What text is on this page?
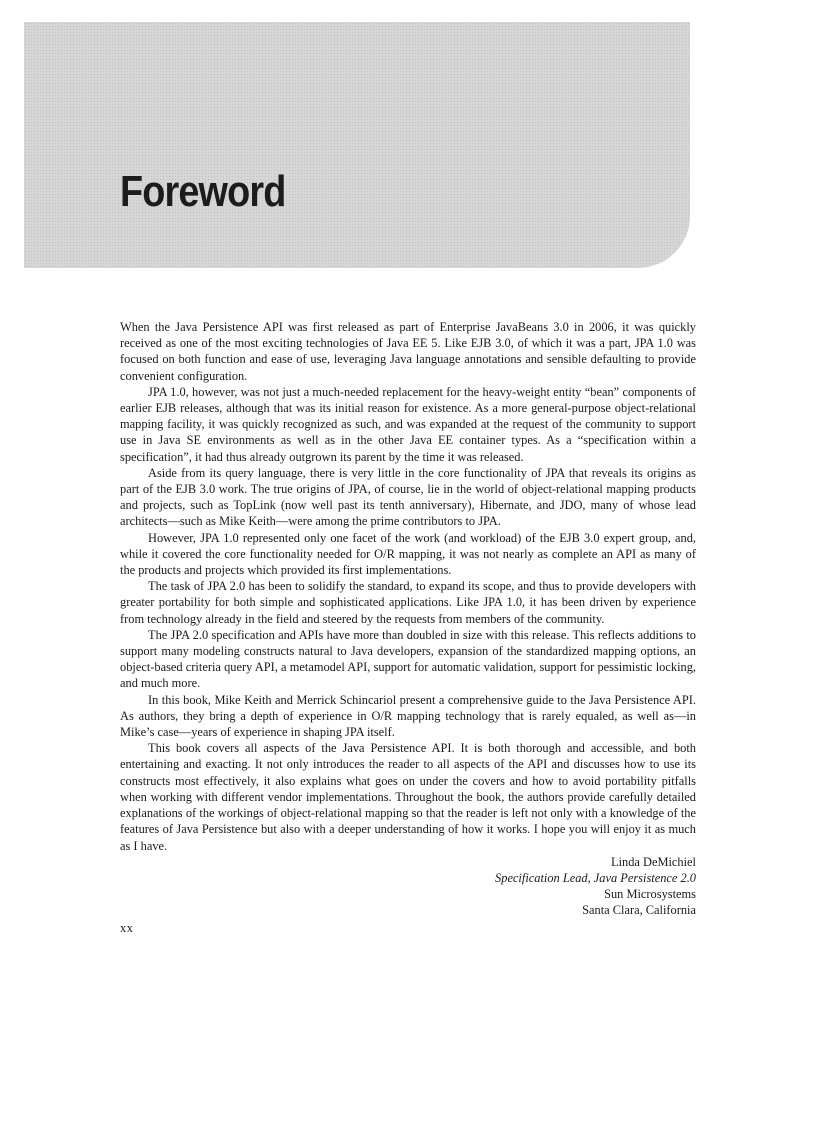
Foreword

When the Java Persistence API was first released as part of Enterprise JavaBeans 3.0 in 2006, it was quickly received as one of the most exciting technologies of Java EE 5. Like EJB 3.0, of which it was a part, JPA 1.0 was focused on both function and ease of use, leveraging Java language annotations and sensible defaulting to provide convenient configuration.

JPA 1.0, however, was not just a much-needed replacement for the heavy-weight entity “bean” components of earlier EJB releases, although that was its initial reason for existence. As a more general-purpose object-relational mapping facility, it was quickly recognized as such, and was expanded at the request of the community to support use in Java SE environments as well as in the other Java EE container types. As a “specification within a specification”, it had thus already outgrown its parent by the time it was released.

Aside from its query language, there is very little in the core functionality of JPA that reveals its origins as part of the EJB 3.0 work. The true origins of JPA, of course, lie in the world of object-relational mapping products and projects, such as TopLink (now well past its tenth anniversary), Hibernate, and JDO, many of whose lead architects—such as Mike Keith—were among the prime contributors to JPA.

However, JPA 1.0 represented only one facet of the work (and workload) of the EJB 3.0 expert group, and, while it covered the core functionality needed for O/R mapping, it was not nearly as complete an API as many of the products and projects which provided its first implementations.

The task of JPA 2.0 has been to solidify the standard, to expand its scope, and thus to provide developers with greater portability for both simple and sophisticated applications. Like JPA 1.0, it has been driven by experience from technology already in the field and steered by the requests from members of the community.

The JPA 2.0 specification and APIs have more than doubled in size with this release. This reflects additions to support many modeling constructs natural to Java developers, expansion of the standardized mapping options, an object-based criteria query API, a metamodel API, support for automatic validation, support for pessimistic locking, and much more.

In this book, Mike Keith and Merrick Schincariol present a comprehensive guide to the Java Persistence API. As authors, they bring a depth of experience in O/R mapping technology that is rarely equaled, as well as—in Mike’s case—years of experience in shaping JPA itself.

This book covers all aspects of the Java Persistence API. It is both thorough and accessible, and both entertaining and exacting. It not only introduces the reader to all aspects of the API and discusses how to use its constructs most effectively, it also explains what goes on under the covers and how to avoid portability pitfalls when working with different vendor implementations. Throughout the book, the authors provide carefully detailed explanations of the workings of object-relational mapping so that the reader is left not only with a knowledge of the features of Java Persistence but also with a deeper understanding of how it works. I hope you will enjoy it as much as I have.

Linda DeMichiel
Specification Lead, Java Persistence 2.0
Sun Microsystems
Santa Clara, California
xx
